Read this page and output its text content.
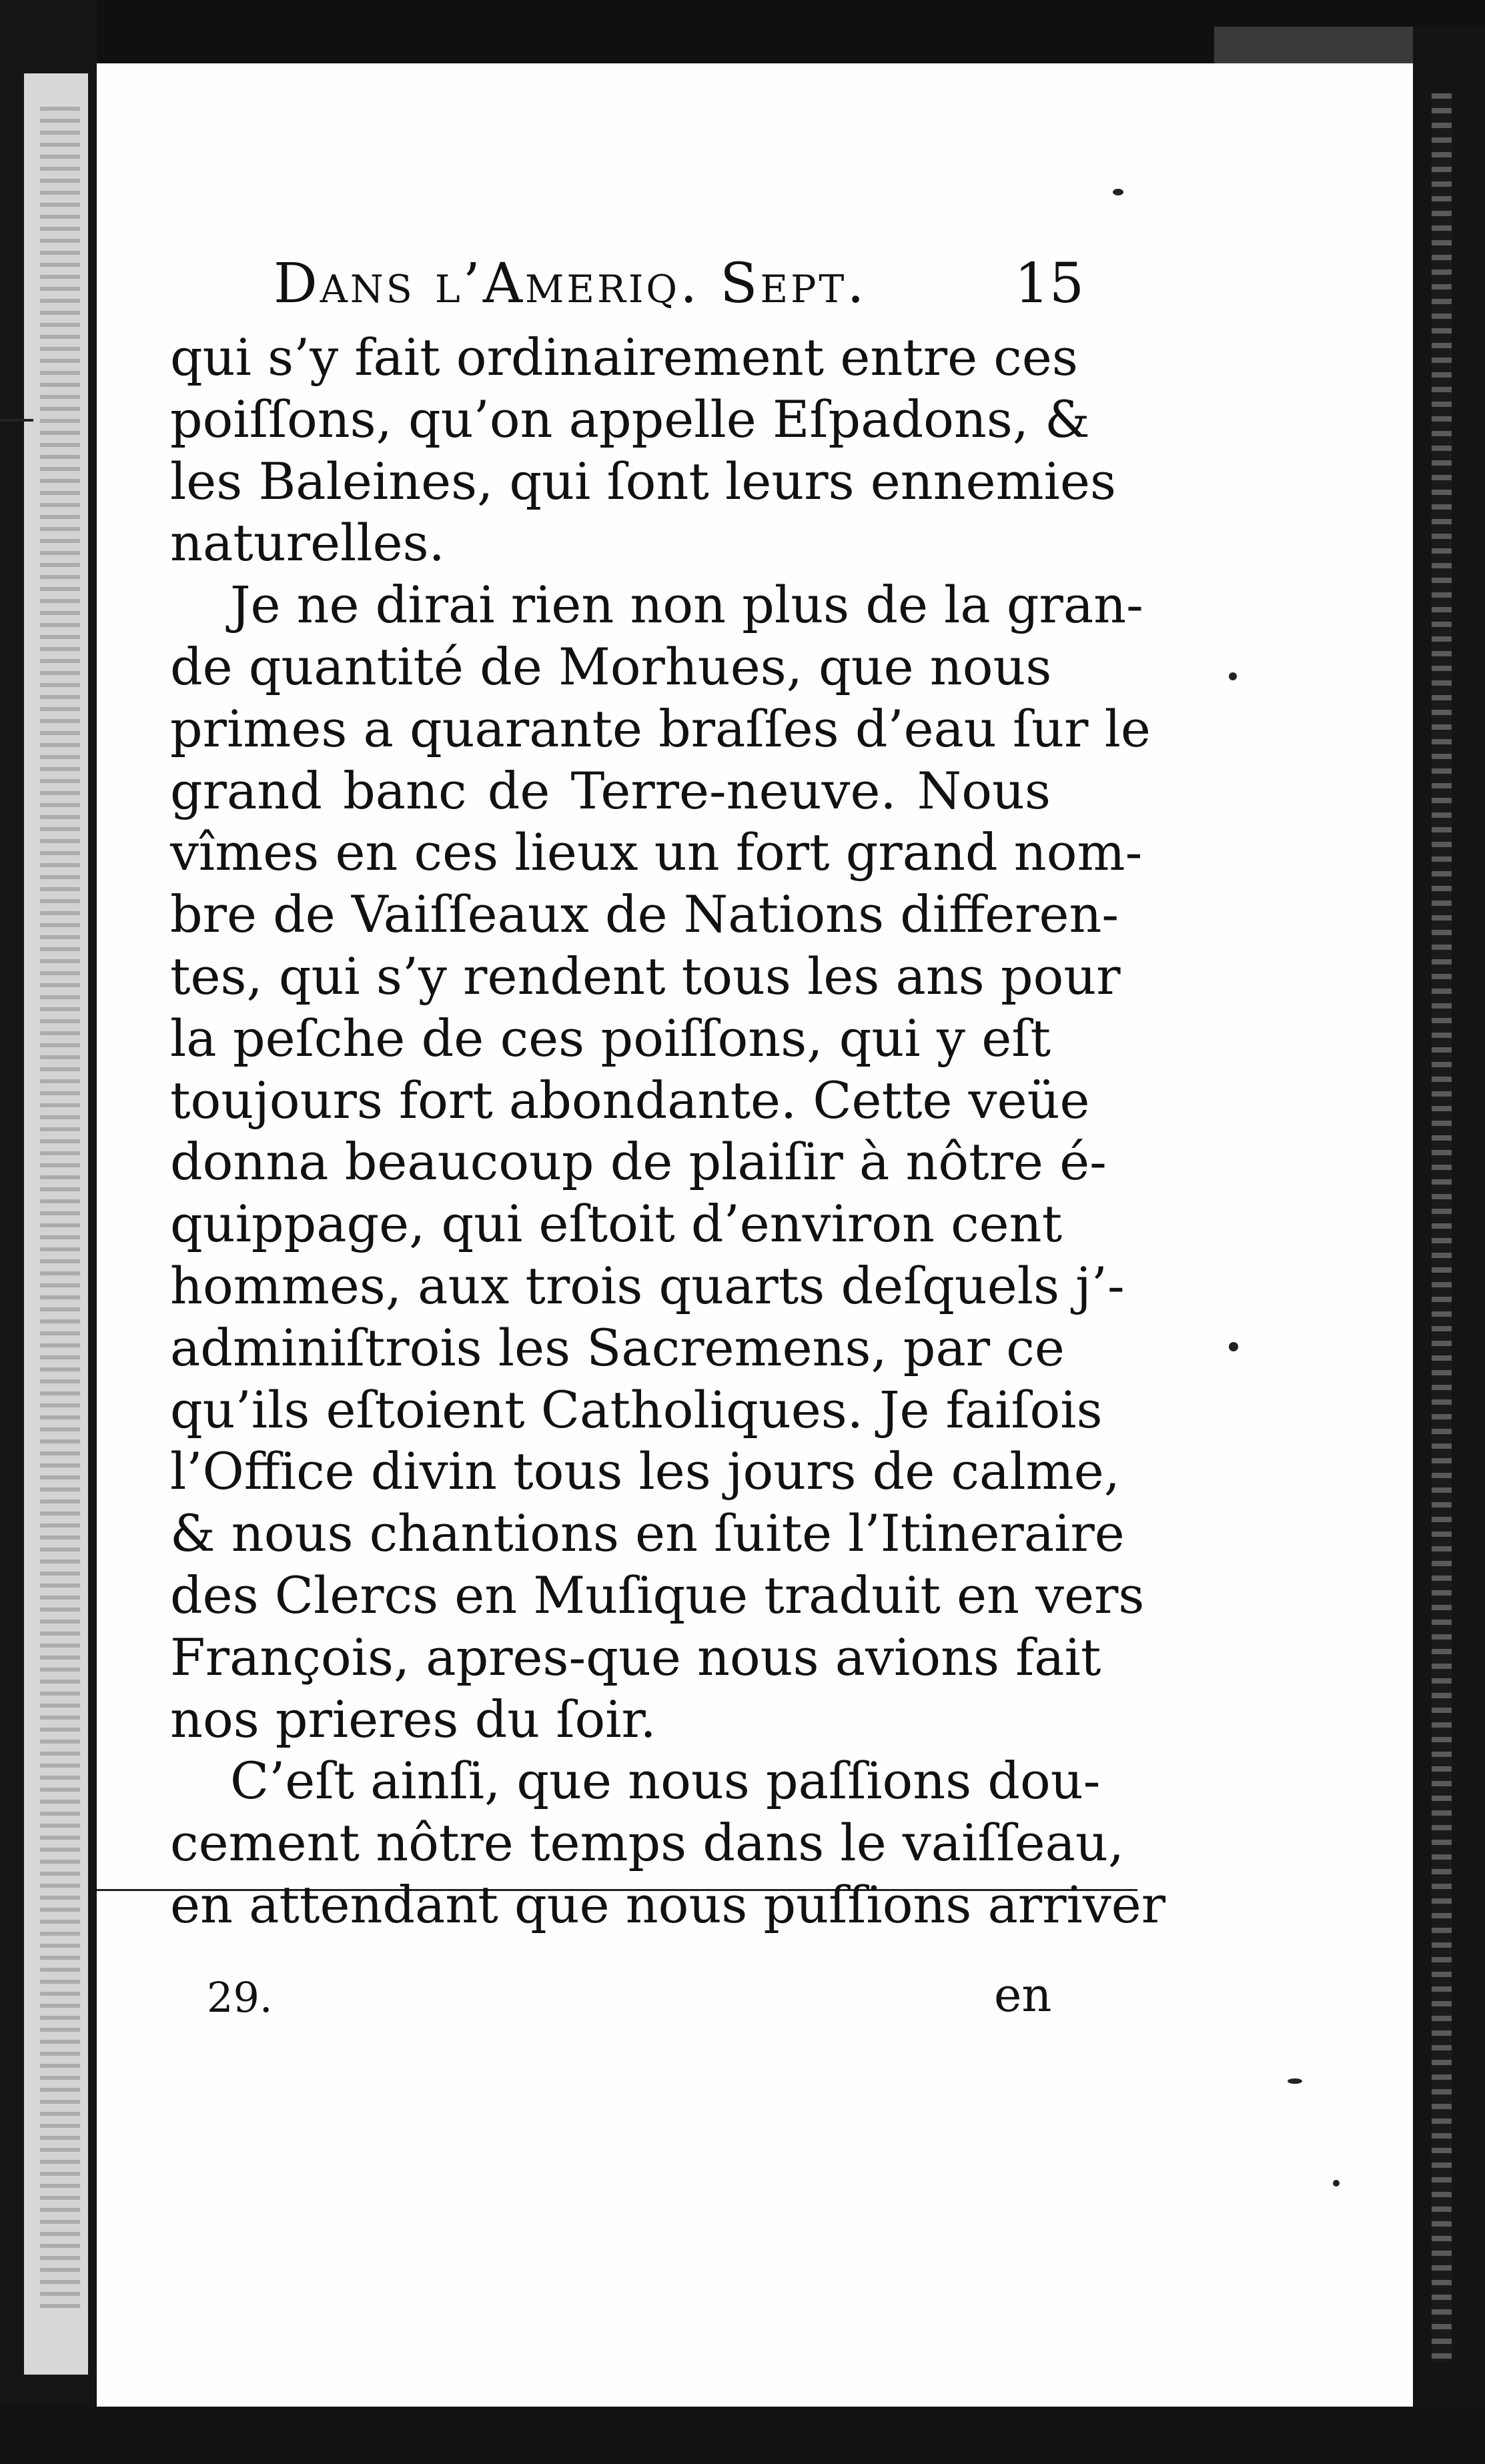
Dans l’Ameriq. Sept.	15
qui s’y fait ordinairement entre ces
poiſſons, qu’on appelle Eſpadons, &
les Baleines, qui ſont leurs ennemies
naturelles.
Je ne dirai rien non plus de la gran-
de quantité de Morhues, que nous
primes a quarante braſſes d’eau ſur le
grand banc de Terre-neuve. Nous
vîmes en ces lieux un fort grand nom-
bre de Vaiſſeaux de Nations differen-
tes, qui s’y rendent tous les ans pour
la peſche de ces poiſſons, qui y eſt
toujours fort abondante. Cette veüe
donna beaucoup de plaiſir à nôtre é-
quippage, qui eſtoit d’environ cent
hommes, aux trois quarts deſquels j’-
adminiſtrois les Sacremens, par ce
qu’ils eſtoient Catholiques. Je faiſois
l’Office divin tous les jours de calme,
& nous chantions en ſuite l’Itineraire
des Clercs en Muſique traduit en vers
François, apres-que nous avions fait
nos prieres du ſoir.
C’eſt ainſi, que nous paſſions dou-
cement nôtre temps dans le vaiſſeau,
en attendant que nous puſſions arriver
29.	en
